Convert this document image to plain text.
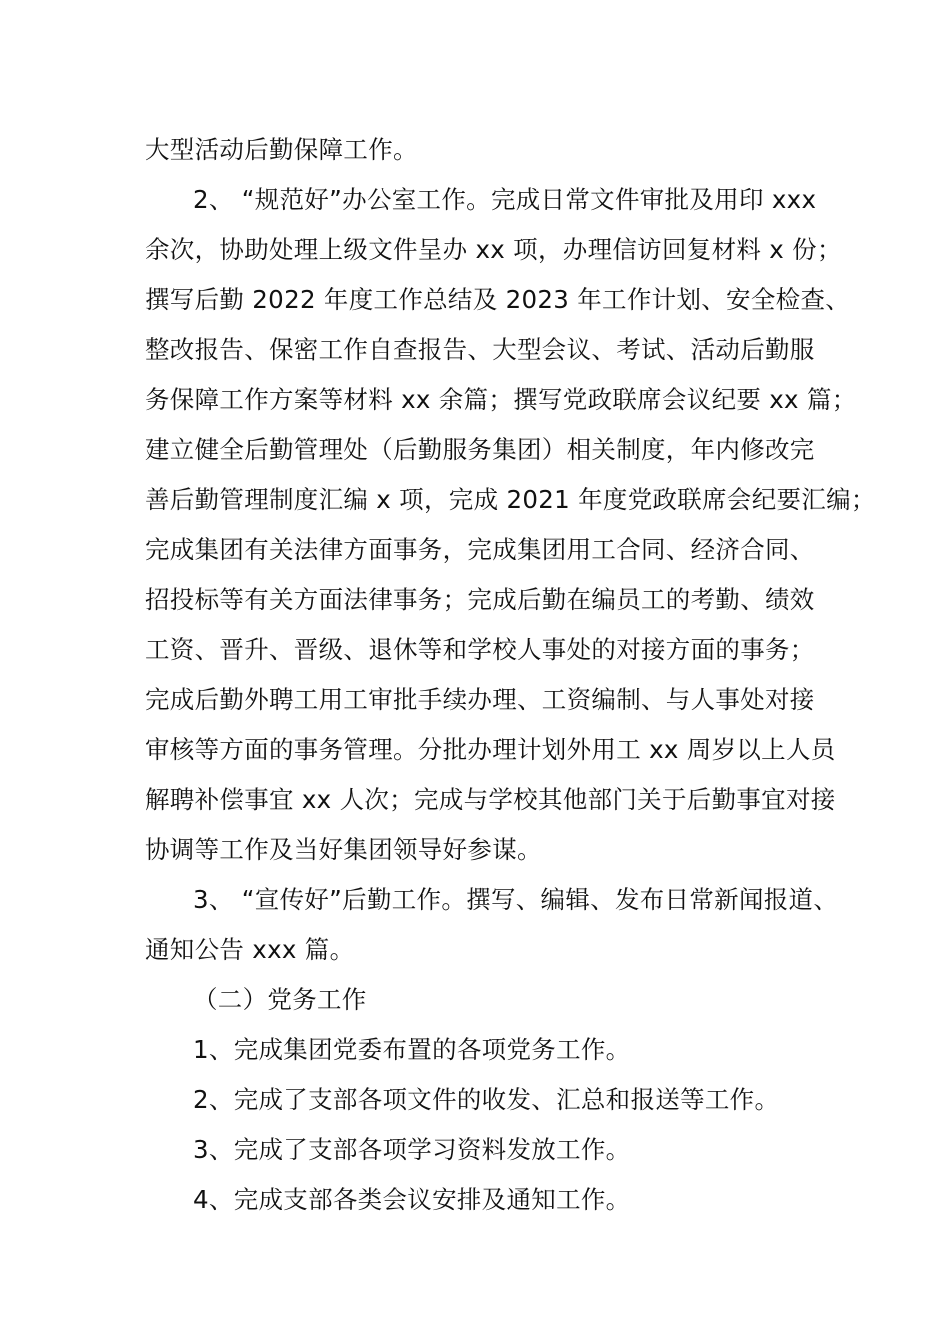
大型活动后勤保障工作。
2、 “规范好”办公室工作。完成日常文件审批及用印 xxx
余次，协助处理上级文件呈办 xx 项，办理信访回复材料 x 份；
撰写后勤 2022 年度工作总结及 2023 年工作计划、安全检查、
整改报告、保密工作自查报告、大型会议、考试、活动后勤服
务保障工作方案等材料 xx 余篇；撰写党政联席会议纪要 xx 篇；
建立健全后勤管理处（后勤服务集团）相关制度，年内修改完
善后勤管理制度汇编 x 项，完成 2021 年度党政联席会纪要汇编；
完成集团有关法律方面事务，完成集团用工合同、经济合同、
招投标等有关方面法律事务；完成后勤在编员工的考勤、绩效
工资、晋升、晋级、退休等和学校人事处的对接方面的事务；
完成后勤外聘工用工审批手续办理、工资编制、与人事处对接
审核等方面的事务管理。分批办理计划外用工 xx 周岁以上人员
解聘补偿事宜 xx 人次；完成与学校其他部门关于后勤事宜对接
协调等工作及当好集团领导好参谋。
3、 “宣传好”后勤工作。撰写、编辑、发布日常新闻报道、
通知公告 xxx 篇。
（二）党务工作
1、完成集团党委布置的各项党务工作。
2、完成了支部各项文件的收发、汇总和报送等工作。
3、完成了支部各项学习资料发放工作。
4、完成支部各类会议安排及通知工作。
